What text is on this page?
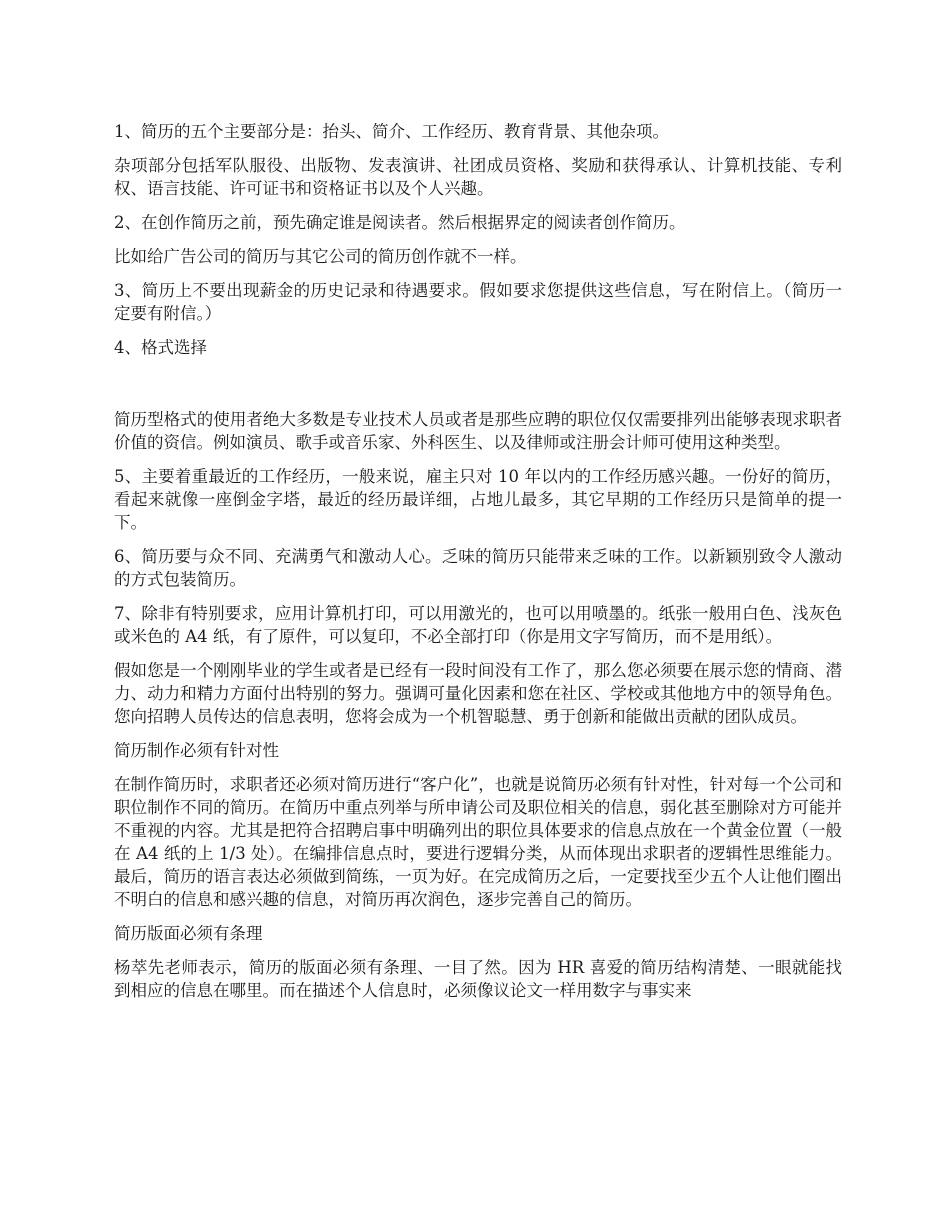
1、简历的五个主要部分是：抬头、简介、工作经历、教育背景、其他杂项。

杂项部分包括军队服役、出版物、发表演讲、社团成员资格、奖励和获得承认、计算机技能、专利权、语言技能、许可证书和资格证书以及个人兴趣。

2、在创作简历之前，预先确定谁是阅读者。然后根据界定的阅读者创作简历。

比如给广告公司的简历与其它公司的简历创作就不一样。

3、简历上不要出现薪金的历史记录和待遇要求。假如要求您提供这些信息，写在附信上。（简历一定要有附信。）

4、格式选择

简历型格式的使用者绝大多数是专业技术人员或者是那些应聘的职位仅仅需要排列出能够表现求职者价值的资信。例如演员、歌手或音乐家、外科医生、以及律师或注册会计师可使用这种类型。

5、主要着重最近的工作经历，一般来说，雇主只对 10 年以内的工作经历感兴趣。一份好的简历，看起来就像一座倒金字塔，最近的经历最详细，占地儿最多，其它早期的工作经历只是简单的提一下。

6、简历要与众不同、充满勇气和激动人心。乏味的简历只能带来乏味的工作。以新颖别致令人激动的方式包装简历。

7、除非有特别要求，应用计算机打印，可以用激光的，也可以用喷墨的。纸张一般用白色、浅灰色或米色的 A4 纸，有了原件，可以复印，不必全部打印（你是用文字写简历，而不是用纸）。

假如您是一个刚刚毕业的学生或者是已经有一段时间没有工作了，那么您必须要在展示您的情商、潜力、动力和精力方面付出特别的努力。强调可量化因素和您在社区、学校或其他地方中的领导角色。您向招聘人员传达的信息表明，您将会成为一个机智聪慧、勇于创新和能做出贡献的团队成员。

简历制作必须有针对性

在制作简历时，求职者还必须对简历进行“客户化”，也就是说简历必须有针对性，针对每一个公司和职位制作不同的简历。在简历中重点列举与所申请公司及职位相关的信息，弱化甚至删除对方可能并不重视的内容。尤其是把符合招聘启事中明确列出的职位具体要求的信息点放在一个黄金位置（一般在 A4 纸的上 1/3 处）。在编排信息点时，要进行逻辑分类，从而体现出求职者的逻辑性思维能力。最后，简历的语言表达必须做到简练，一页为好。在完成简历之后，一定要找至少五个人让他们圈出不明白的信息和感兴趣的信息，对简历再次润色，逐步完善自己的简历。

简历版面必须有条理

杨萃先老师表示，简历的版面必须有条理、一目了然。因为 HR 喜爱的简历结构清楚、一眼就能找到相应的信息在哪里。而在描述个人信息时，必须像议论文一样用数字与事实来
